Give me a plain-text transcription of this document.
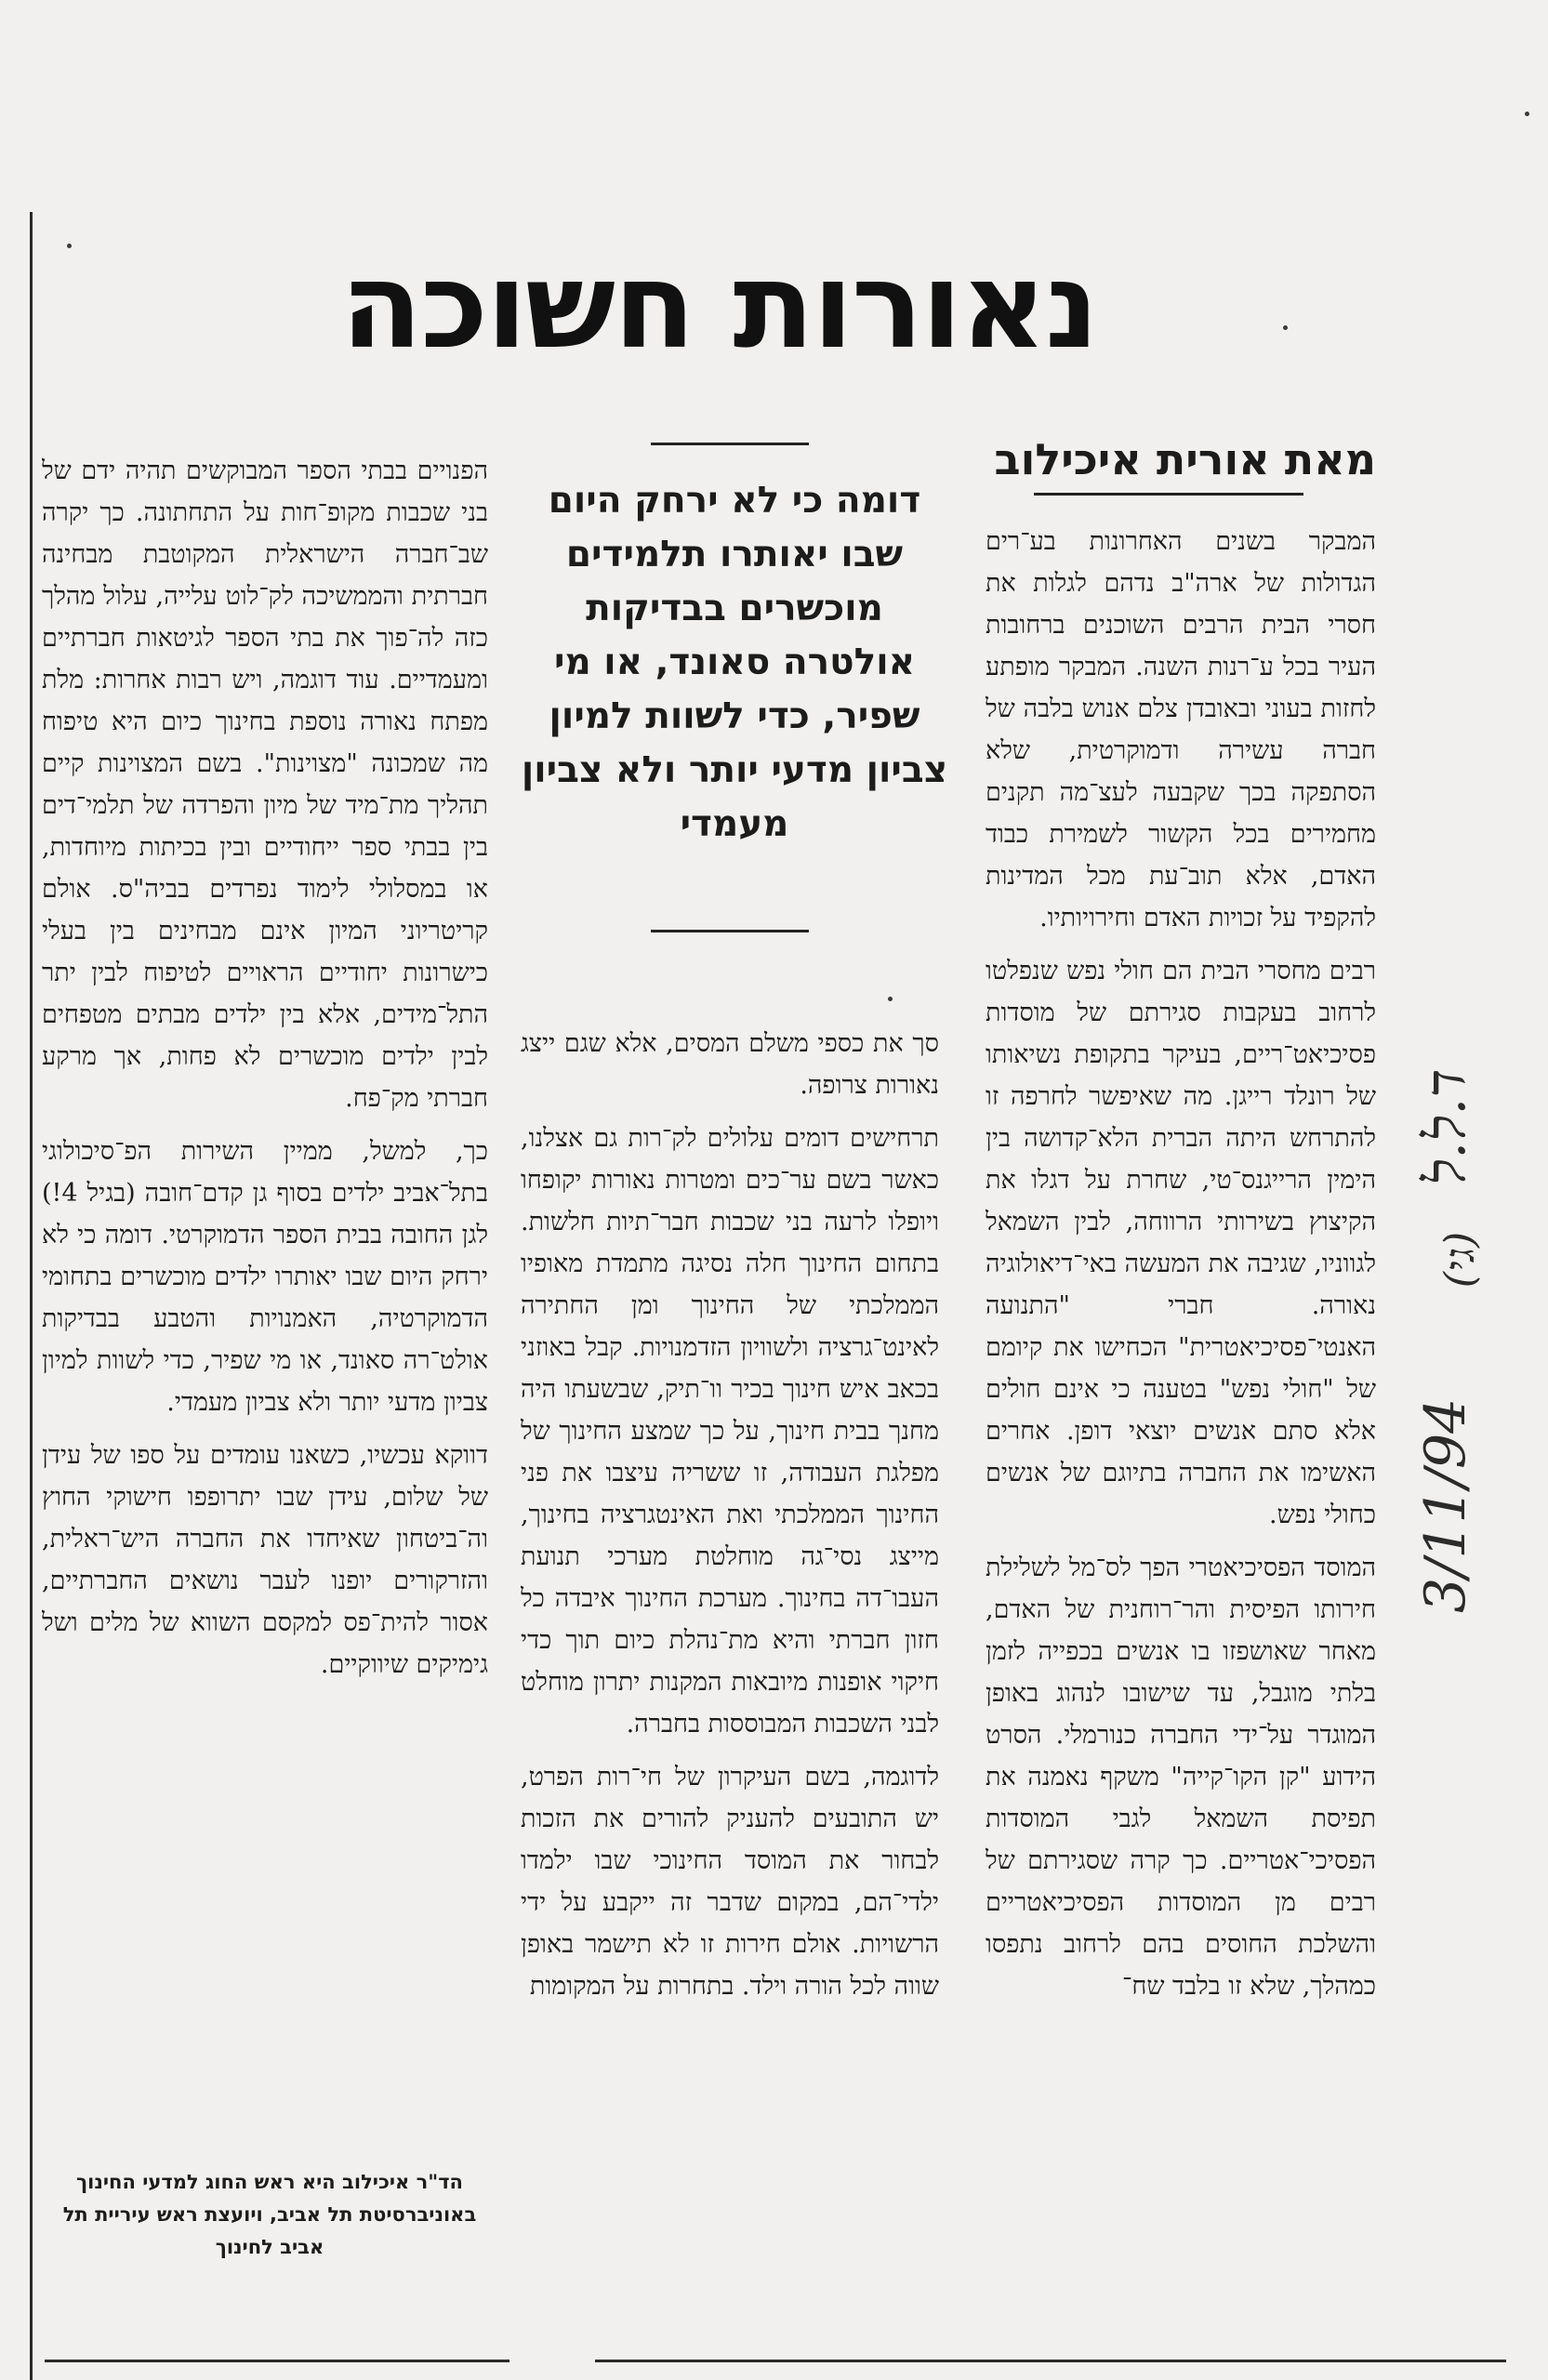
נאורות חשוכה
מאת אורית איכילוב

דומה כי לא ירחק היום שבו יאותרו תלמידים מוכשרים בבדיקות אולטרה סאונד, או מי שפיר, כדי לשוות למיון צביון מדעי יותר ולא צביון מעמדי

המבקר בשנים האחרונות בע־רים הגדולות של ארה"ב נדהם לגלות את חסרי הבית הרבים השוכנים ברחובות העיר בכל ע־רנות השנה. המבקר מופתע לחזות בעוני ובאובדן צלם אנוש בלבה של חברה עשירה ודמוקרטית, שלא הסתפקה בכך שקבעה לעצ־מה תקנים מחמירים בכל הקשור לשמירת כבוד האדם, אלא תוב־עת מכל המדינות להקפיד על זכויות האדם וחירויותיו.

רבים מחסרי הבית הם חולי נפש שנפלטו לרחוב בעקבות סגירתם של מוסדות פסיכיאט־ריים, בעיקר בתקופת נשיאותו של רונלד רייגן. מה שאיפשר לחרפה זו להתרחש היתה הברית הלא־קדושה בין הימין הרייגנס־טי, שחרת על דגלו את הקיצוץ בשירותי הרווחה, לבין השמאל לגווניו, שגיבה את המעשה באי־דיאולוגיה נאורה. חברי "התנועה האנטי־פסיכיאטרית" הכחישו את קיומם של "חולי נפש" בטענה כי אינם חולים אלא סתם אנשים יוצאי דופן. אחרים האשימו את החברה בתיוגם של אנשים כחולי נפש.

המוסד הפסיכיאטרי הפך לס־מל לשלילת חירותו הפיסית והר־רוחנית של האדם, מאחר שאושפזו בו אנשים בכפייה לזמן בלתי מוגבל, עד שישובו לנהוג באופן המוגדר על־ידי החברה כנורמלי. הסרט הידוע "קן הקו־קייה" משקף נאמנה את תפיסת השמאל לגבי המוסדות הפסיכי־אטריים. כך קרה שסגירתם של רבים מן המוסדות הפסיכיאטריים והשלכת החוסים בהם לרחוב נתפסו כמהלך, שלא זו בלבד שח־

סך את כספי משלם המסים, אלא שגם ייצג נאורות צרופה.

תרחישים דומים עלולים לק־רות גם אצלנו, כאשר בשם ער־כים ומטרות נאורות יקופחו ויופלו לרעה בני שכבות חבר־תיות חלשות. בתחום החינוך חלה נסיגה מתמדת מאופיו הממלכתי של החינוך ומן החתירה לאינט־גרציה ולשוויון הזדמנויות. קבל באוזני בכאב איש חינוך בכיר וו־תיק, שבשעתו היה מחנך בבית חינוך, על כך שמצע החינוך של מפלגת העבודה, זו ששריה עיצבו את פני החינוך הממלכתי ואת האינטגרציה בחינוך, מייצג נסי־גה מוחלטת מערכי תנועת העבו־דה בחינוך. מערכת החינוך איבדה כל חזון חברתי והיא מת־נהלת כיום תוך כדי חיקוי אופנות מיובאות המקנות יתרון מוחלט לבני השכבות המבוססות בחברה.

לדוגמה, בשם העיקרון של חי־רות הפרט, יש התובעים להעניק להורים את הזכות לבחור את המוסד החינוכי שבו ילמדו ילדי־הם, במקום שדבר זה ייקבע על ידי הרשויות. אולם חירות זו לא תישמר באופן שווה לכל הורה וילד. בתחרות על המקומות

הפנויים בבתי הספר המבוקשים תהיה ידם של בני שכבות מקופ־חות על התחתונה. כך יקרה שב־חברה הישראלית המקוטבת מבחינה חברתית והממשיכה לק־לוט עלייה, עלול מהלך כזה לה־פוך את בתי הספר לגיטאות חברתיים ומעמדיים. עוד דוגמה, ויש רבות אחרות: מלת מפתח נאורה נוספת בחינוך כיום היא טיפוח מה שמכונה "מצוינות". בשם המצוינות קיים תהליך מת־מיד של מיון והפרדה של תלמי־דים בין בבתי ספר ייחודיים ובין בכיתות מיוחדות, או במסלולי לימוד נפרדים בביה"ס. אולם קריטריוני המיון אינם מבחינים בין בעלי כישרונות יחודיים הראויים לטיפוח לבין יתר התל־מידים, אלא בין ילדים מבתים מטפחים לבין ילדים מוכשרים לא פחות, אך מרקע חברתי מק־פח.

כך, למשל, ממיין השירות הפ־סיכולוגי בתל־אביב ילדים בסוף גן קדם־חובה (בגיל 4!) לגן החובה בבית הספר הדמוקרטי. דומה כי לא ירחק היום שבו יאותרו ילדים מוכשרים בתחומי הדמוקרטיה, האמנויות והטבע בבדיקות אולט־רה סאונד, או מי שפיר, כדי לשוות למיון צביון מדעי יותר ולא צביון מעמדי.

דווקא עכשיו, כשאנו עומדים על ספו של עידן של שלום, עידן שבו יתרופפו חישוקי החוץ וה־ביטחון שאיחדו את החברה היש־ראלית, והזרקורים יופנו לעבר נושאים החברתיים, אסור להית־פס למקסם השווא של מלים ושל גימיקים שיווקיים.

הד"ר איכילוב היא ראש החוג למדעי החינוך באוניברסיטת תל אביב, ויועצת ראש עיריית תל אביב לחינוך
ד.ל.ל
(גי)
3/11/94
